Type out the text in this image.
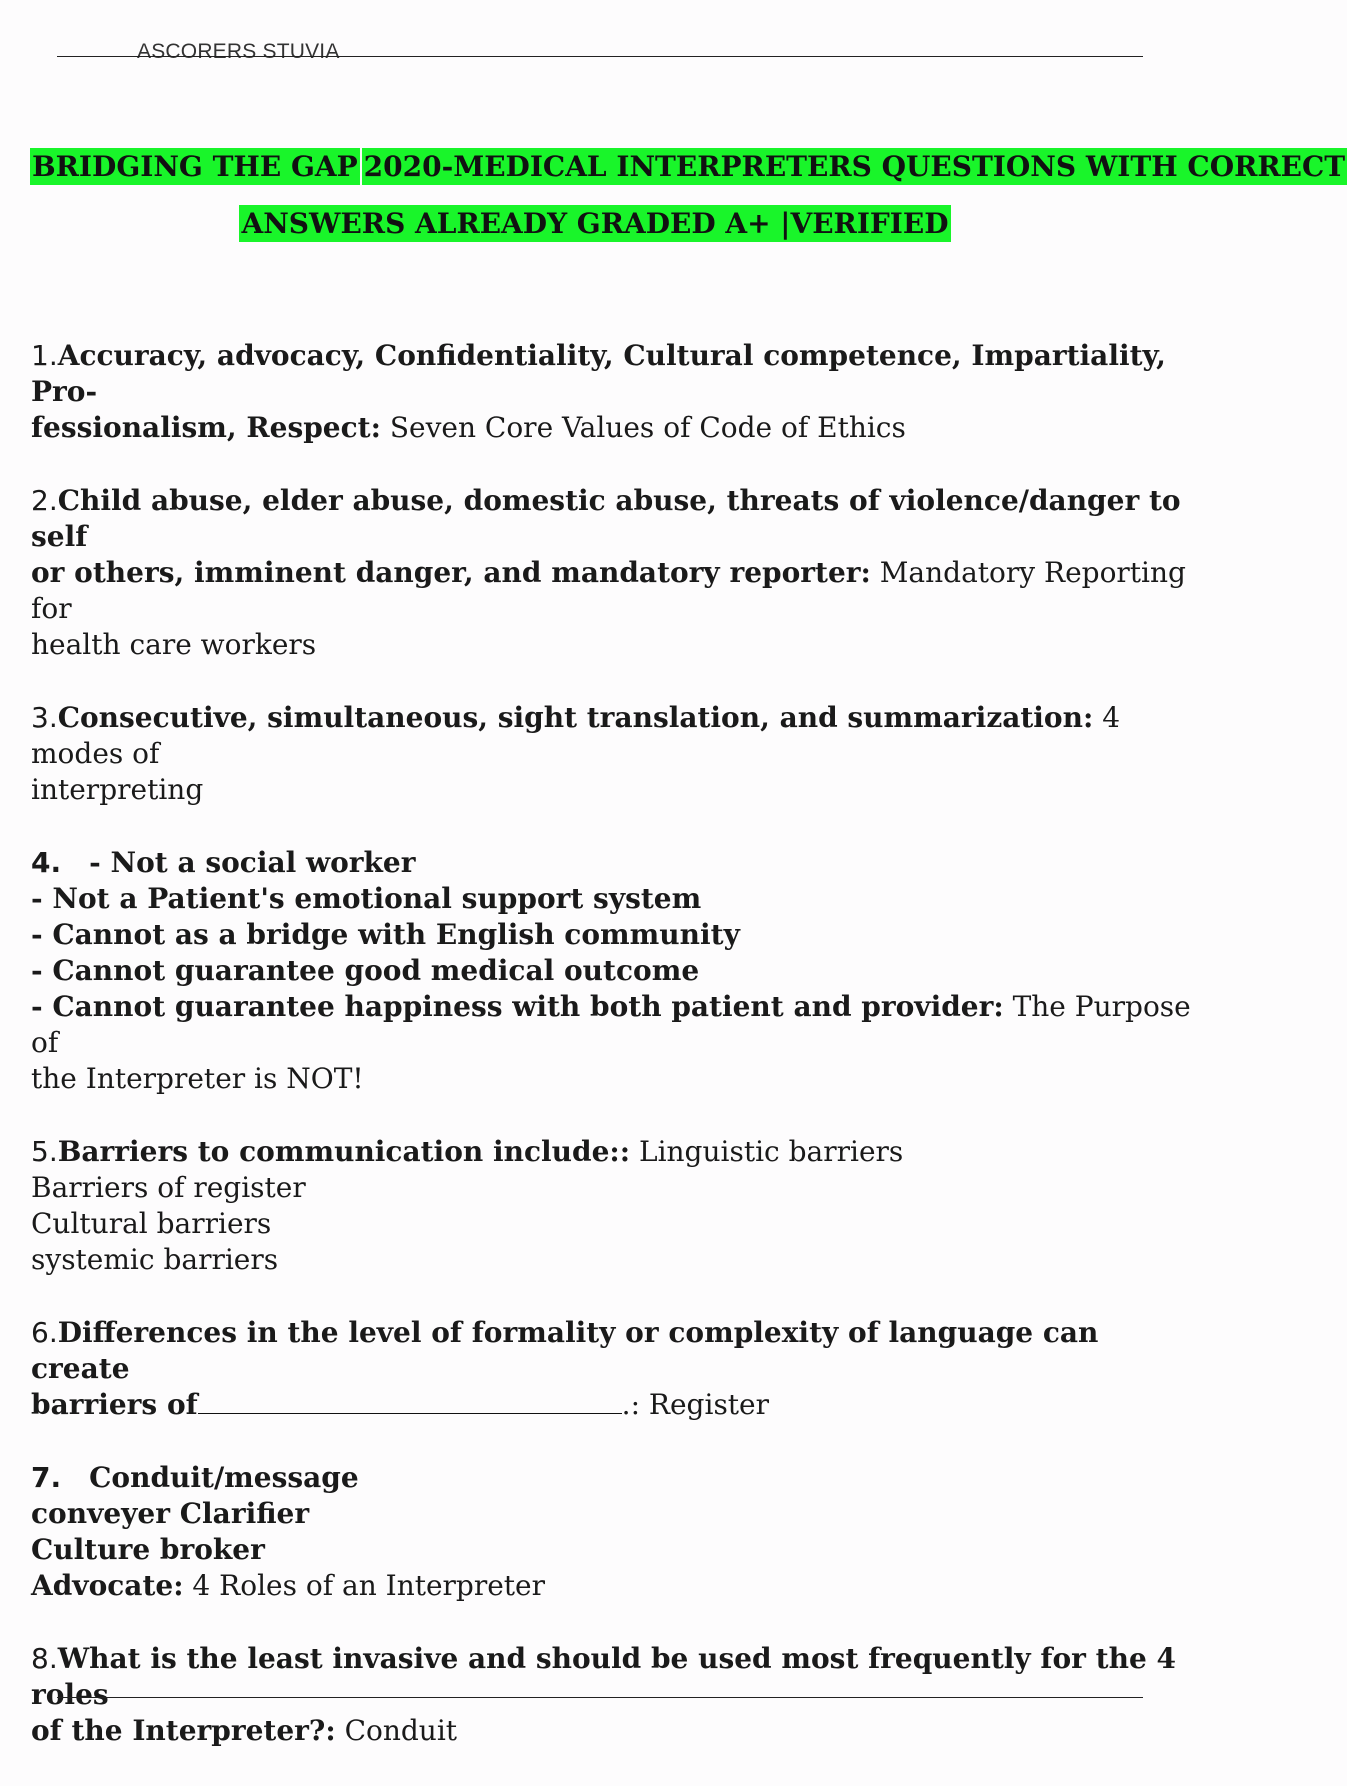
ASCORERS STUVIA
BRIDGING THE GAP 2020-MEDICAL INTERPRETERS QUESTIONS WITH CORRECT
ANSWERS ALREADY GRADED A+ |VERIFIED
1.Accuracy, advocacy, Confidentiality, Cultural competence, Impartiality, Pro-
fessionalism, Respect: Seven Core Values of Code of Ethics
2.Child abuse, elder abuse, domestic abuse, threats of violence/danger to self
or others, imminent danger, and mandatory reporter: Mandatory Reporting for
health care workers
3.Consecutive, simultaneous, sight translation, and summarization: 4 modes of
interpreting
4. - Not a social worker
- Not a Patient's emotional support system
- Cannot as a bridge with English community
- Cannot guarantee good medical outcome
- Cannot guarantee happiness with both patient and provider: The Purpose of
the Interpreter is NOT!
5.Barriers to communication include:: Linguistic barriers
Barriers of register
Cultural barriers
systemic barriers
6.Differences in the level of formality or complexity of language can create
barriers of	.: Register
7. Conduit/message
conveyer Clarifier
Culture broker
Advocate: 4 Roles of an Interpreter
8.What is the least invasive and should be used most frequently for the 4 roles
of the Interpreter?: Conduit
